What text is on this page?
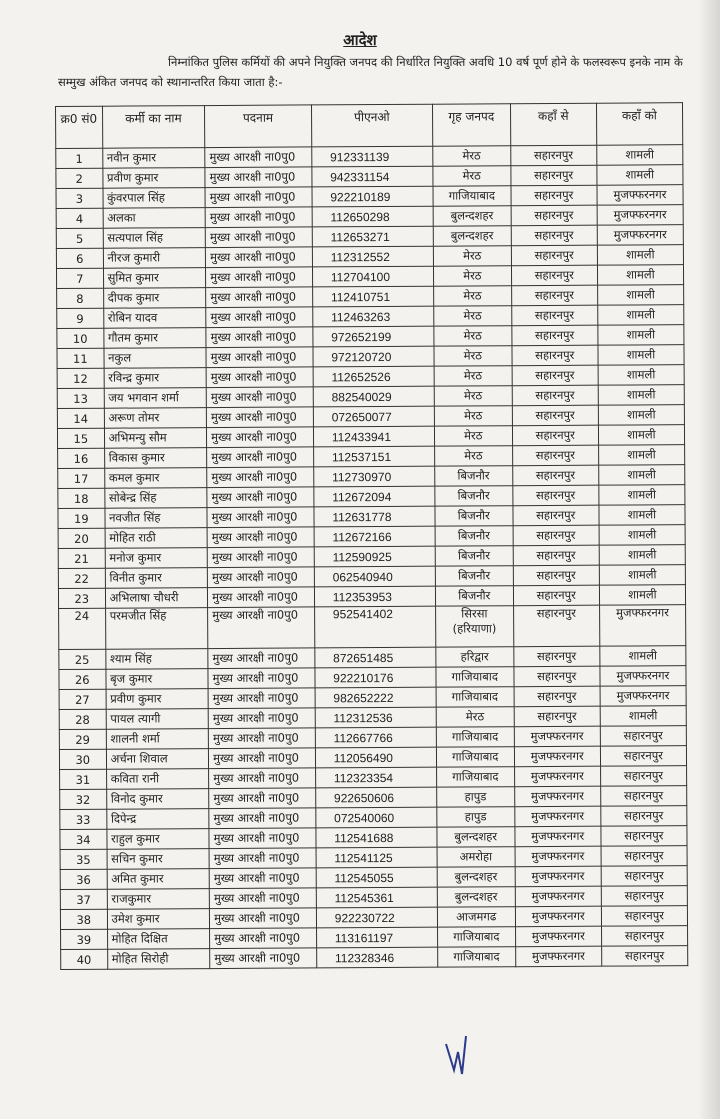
आदेश
निम्नांकित पुलिस कर्मियों की अपने नियुक्ति जनपद की निर्धारित नियुक्ति अवधि 10 वर्ष पूर्ण होने के फलस्वरूप इनके नाम के सम्मुख अंकित जनपद को स्थानान्तरित किया जाता है:-
क्र0 सं0	कर्मी का नाम	पदनाम	पीएनओ	गृह जनपद	कहाँ से	कहाँ को
1	नवीन कुमार	मुख्य आरक्षी ना0पु0	912331139	मेरठ	सहारनपुर	शामली
2	प्रवीण कुमार	मुख्य आरक्षी ना0पु0	942331154	मेरठ	सहारनपुर	शामली
3	कुंवरपाल सिंह	मुख्य आरक्षी ना0पु0	922210189	गाजियाबाद	सहारनपुर	मुजफ्फरनगर
4	अलका	मुख्य आरक्षी ना0पु0	112650298	बुलन्दशहर	सहारनपुर	मुजफ्फरनगर
5	सत्यपाल सिंह	मुख्य आरक्षी ना0पु0	112653271	बुलन्दशहर	सहारनपुर	मुजफ्फरनगर
6	नीरज कुमारी	मुख्य आरक्षी ना0पु0	112312552	मेरठ	सहारनपुर	शामली
7	सुमित कुमार	मुख्य आरक्षी ना0पु0	112704100	मेरठ	सहारनपुर	शामली
8	दीपक कुमार	मुख्य आरक्षी ना0पु0	112410751	मेरठ	सहारनपुर	शामली
9	रोबिन यादव	मुख्य आरक्षी ना0पु0	112463263	मेरठ	सहारनपुर	शामली
10	गौतम कुमार	मुख्य आरक्षी ना0पु0	972652199	मेरठ	सहारनपुर	शामली
11	नकुल	मुख्य आरक्षी ना0पु0	972120720	मेरठ	सहारनपुर	शामली
12	रविन्द्र कुमार	मुख्य आरक्षी ना0पु0	112652526	मेरठ	सहारनपुर	शामली
13	जय भगवान शर्मा	मुख्य आरक्षी ना0पु0	882540029	मेरठ	सहारनपुर	शामली
14	अरूण तोमर	मुख्य आरक्षी ना0पु0	072650077	मेरठ	सहारनपुर	शामली
15	अभिमन्यु सौम	मुख्य आरक्षी ना0पु0	112433941	मेरठ	सहारनपुर	शामली
16	विकास कुमार	मुख्य आरक्षी ना0पु0	112537151	मेरठ	सहारनपुर	शामली
17	कमल कुमार	मुख्य आरक्षी ना0पु0	112730970	बिजनौर	सहारनपुर	शामली
18	सोबेन्द्र सिंह	मुख्य आरक्षी ना0पु0	112672094	बिजनौर	सहारनपुर	शामली
19	नवजीत सिंह	मुख्य आरक्षी ना0पु0	112631778	बिजनौर	सहारनपुर	शामली
20	मोहित राठी	मुख्य आरक्षी ना0पु0	112672166	बिजनौर	सहारनपुर	शामली
21	मनोज कुमार	मुख्य आरक्षी ना0पु0	112590925	बिजनौर	सहारनपुर	शामली
22	विनीत कुमार	मुख्य आरक्षी ना0पु0	062540940	बिजनौर	सहारनपुर	शामली
23	अभिलाषा चौधरी	मुख्य आरक्षी ना0पु0	112353953	बिजनौर	सहारनपुर	शामली
24	परमजीत सिंह	मुख्य आरक्षी ना0पु0	952541402	सिरसा
(हरियाणा)	सहारनपुर	मुजफ्फरनगर
25	श्याम सिंह	मुख्य आरक्षी ना0पु0	872651485	हरिद्वार	सहारनपुर	शामली
26	बृज कुमार	मुख्य आरक्षी ना0पु0	922210176	गाजियाबाद	सहारनपुर	मुजफ्फरनगर
27	प्रवीण कुमार	मुख्य आरक्षी ना0पु0	982652222	गाजियाबाद	सहारनपुर	मुजफ्फरनगर
28	पायल त्यागी	मुख्य आरक्षी ना0पु0	112312536	मेरठ	सहारनपुर	शामली
29	शालनी शर्मा	मुख्य आरक्षी ना0पु0	112667766	गाजियाबाद	मुजफ्फरनगर	सहारनपुर
30	अर्चना शिवाल	मुख्य आरक्षी ना0पु0	112056490	गाजियाबाद	मुजफ्फरनगर	सहारनपुर
31	कविता रानी	मुख्य आरक्षी ना0पु0	112323354	गाजियाबाद	मुजफ्फरनगर	सहारनपुर
32	विनोद कुमार	मुख्य आरक्षी ना0पु0	922650606	हापुड	मुजफ्फरनगर	सहारनपुर
33	दिपेन्द्र	मुख्य आरक्षी ना0पु0	072540060	हापुड	मुजफ्फरनगर	सहारनपुर
34	राहुल कुमार	मुख्य आरक्षी ना0पु0	112541688	बुलन्दशहर	मुजफ्फरनगर	सहारनपुर
35	सचिन कुमार	मुख्य आरक्षी ना0पु0	112541125	अमरोहा	मुजफ्फरनगर	सहारनपुर
36	अमित कुमार	मुख्य आरक्षी ना0पु0	112545055	बुलन्दशहर	मुजफ्फरनगर	सहारनपुर
37	राजकुमार	मुख्य आरक्षी ना0पु0	112545361	बुलन्दशहर	मुजफ्फरनगर	सहारनपुर
38	उमेश कुमार	मुख्य आरक्षी ना0पु0	922230722	आजमगढ	मुजफ्फरनगर	सहारनपुर
39	मोहित दिक्षित	मुख्य आरक्षी ना0पु0	113161197	गाजियाबाद	मुजफ्फरनगर	सहारनपुर
40	मोहित सिरोही	मुख्य आरक्षी ना0पु0	112328346	गाजियाबाद	मुजफ्फरनगर	सहारनपुर
